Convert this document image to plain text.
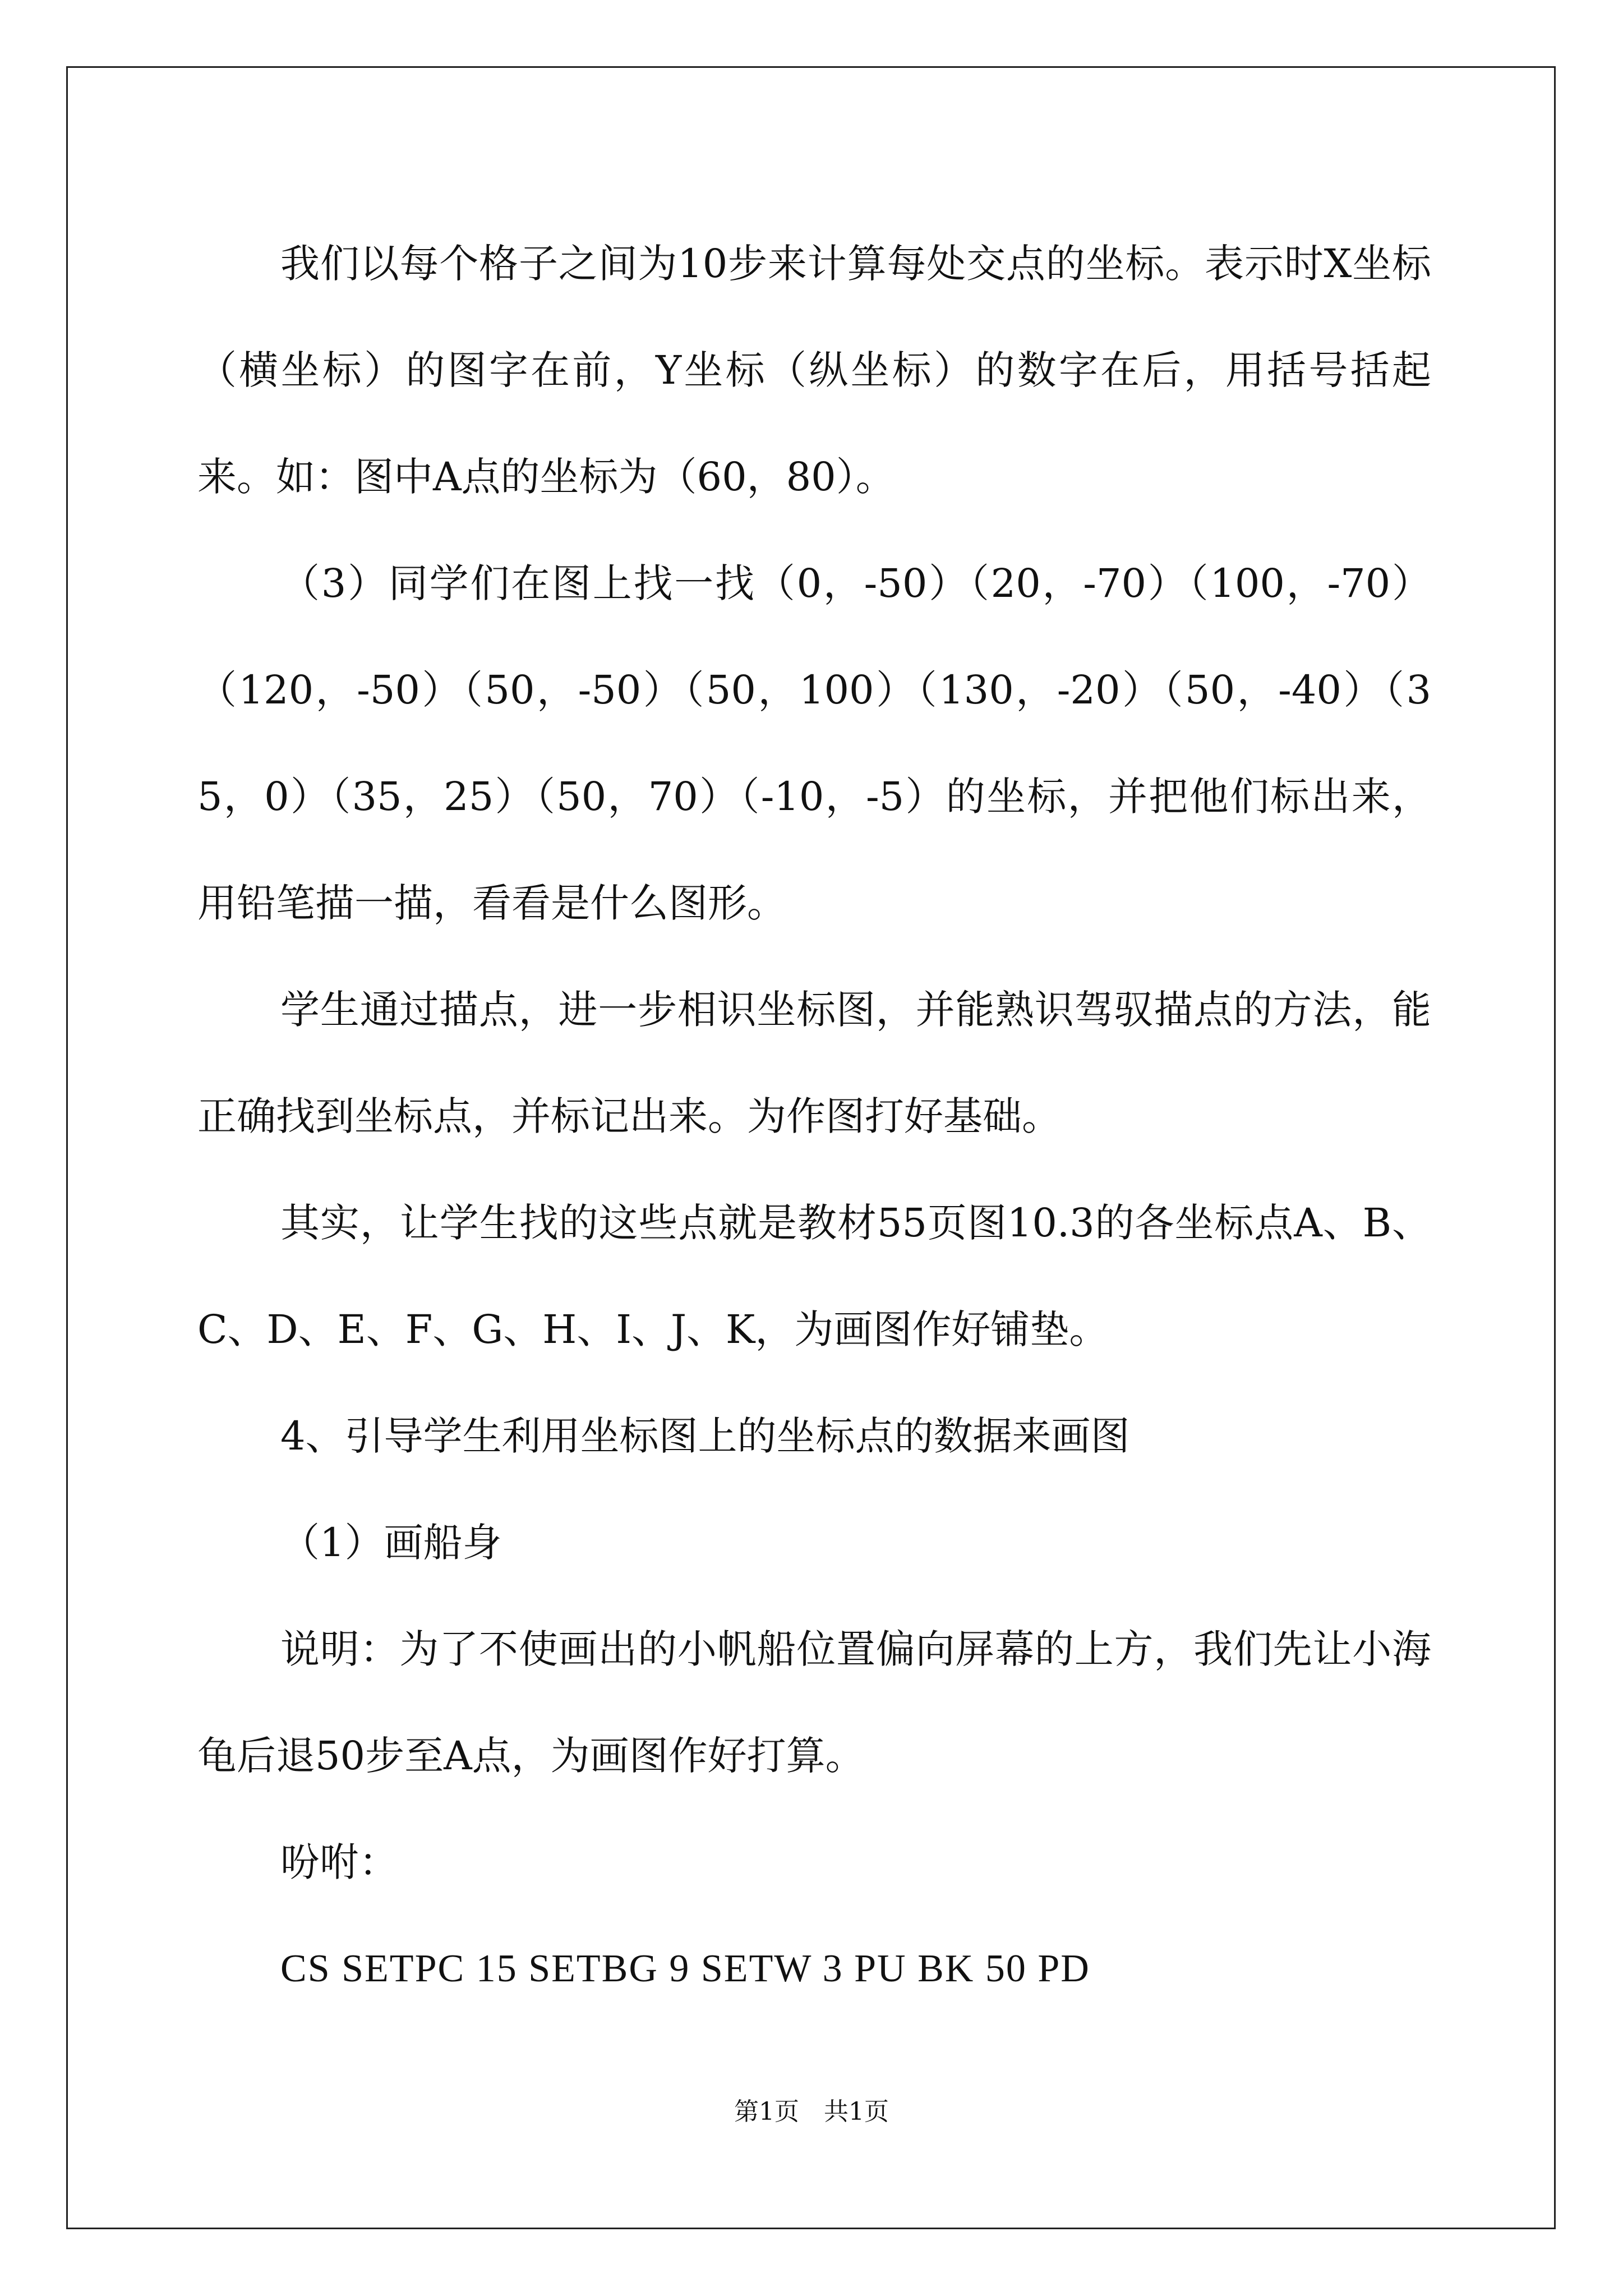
我们以每个格子之间为10步来计算每处交点的坐标。表示时X坐标（横坐标）的图字在前，Y坐标（纵坐标）的数字在后，用括号括起来。如：图中A点的坐标为（60，80）。

（3）同学们在图上找一找（0，-50）（20，-70）（100，-70）（120，-50）（50，-50）（50，100）（130，-20）（50，-40）（35，0）（35，25）（50，70）（-10，-5）的坐标，并把他们标出来，用铅笔描一描，看看是什么图形。

学生通过描点，进一步相识坐标图，并能熟识驾驭描点的方法，能正确找到坐标点，并标记出来。为作图打好基础。

其实，让学生找的这些点就是教材55页图10.3的各坐标点A、B、C、D、E、F、G、H、I、J、K，为画图作好铺垫。

4、引导学生利用坐标图上的坐标点的数据来画图

（1）画船身

说明：为了不使画出的小帆船位置偏向屏幕的上方，我们先让小海龟后退50步至A点，为画图作好打算。

吩咐：

CS SETPC 15 SETBG 9 SETW 3 PU BK 50 PD

第1页　共1页
